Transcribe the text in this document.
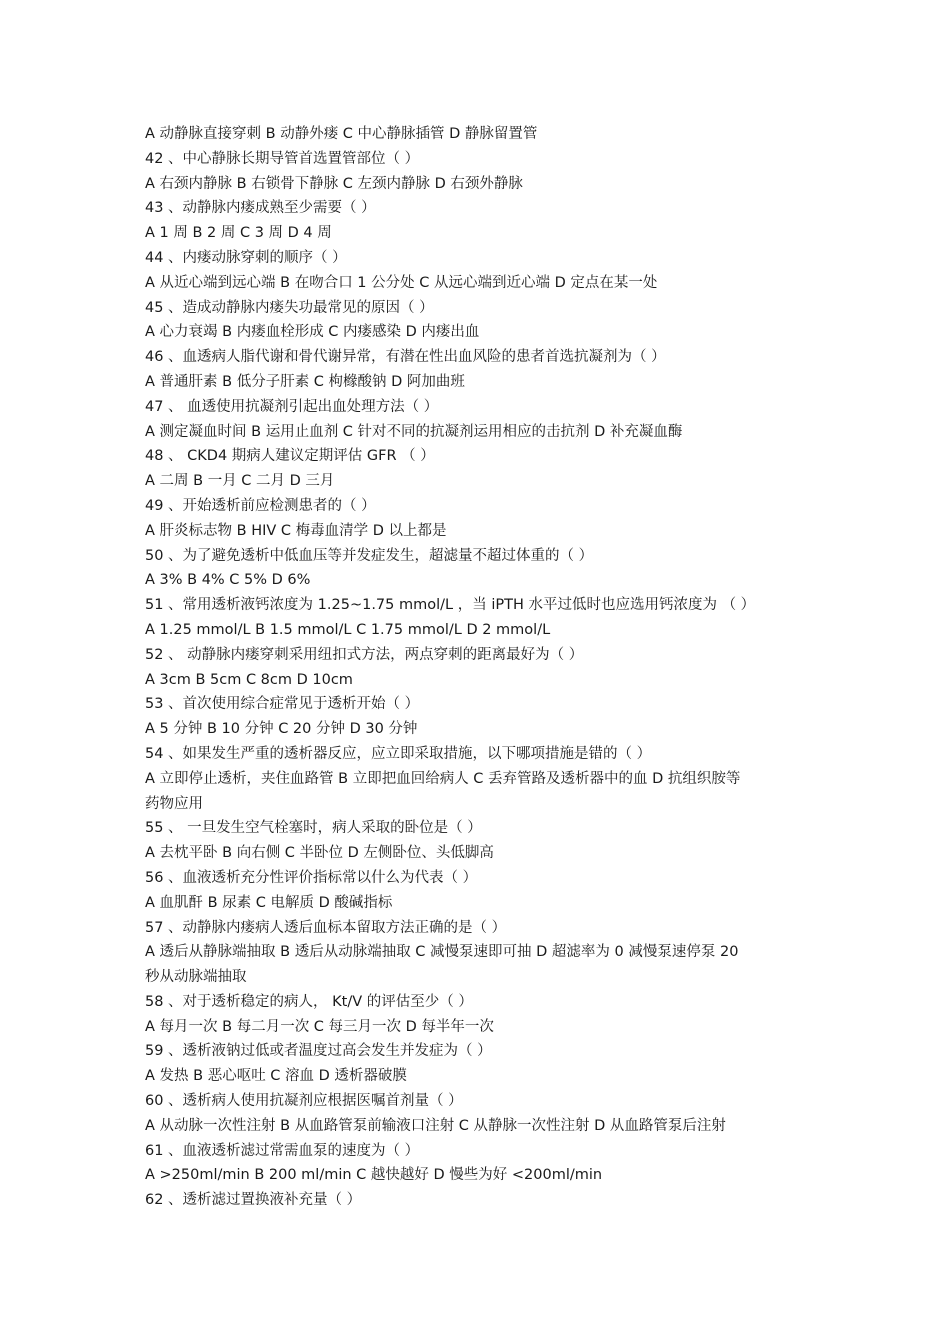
A 动静脉直接穿刺 B 动静外瘘 C 中心静脉插管 D 静脉留置管
42 、中心静脉长期导管首选置管部位（ ）
A 右颈内静脉 B 右锁骨下静脉 C 左颈内静脉 D 右颈外静脉
43 、动静脉内瘘成熟至少需要（ ）
A 1 周 B 2 周 C 3 周 D 4 周
44 、内瘘动脉穿刺的顺序（ ）
A 从近心端到远心端 B 在吻合口 1 公分处 C 从远心端到近心端 D 定点在某一处
45 、造成动静脉内瘘失功最常见的原因（ ）
A 心力衰竭 B 内瘘血栓形成 C 内瘘感染 D 内瘘出血
46 、血透病人脂代谢和骨代谢异常，有潜在性出血风险的患者首选抗凝剂为（ ）
A 普通肝素 B 低分子肝素 C 枸橼酸钠 D 阿加曲班
47 、 血透使用抗凝剂引起出血处理方法（ ）
A 测定凝血时间 B 运用止血剂 C 针对不同的抗凝剂运用相应的击抗剂 D 补充凝血酶
48 、 CKD4 期病人建议定期评估 GFR （ ）
A 二周 B 一月 C 二月 D 三月
49 、开始透析前应检测患者的（ ）
A 肝炎标志物 B HIV C 梅毒血清学 D 以上都是
50 、为了避免透析中低血压等并发症发生，超滤量不超过体重的（ ）
A 3% B 4% C 5% D 6%
51 、常用透析液钙浓度为 1.25~1.75 mmol/L ，当 iPTH 水平过低时也应选用钙浓度为 （ ）
A 1.25 mmol/L B 1.5 mmol/L C 1.75 mmol/L D 2 mmol/L
52 、 动静脉内瘘穿刺采用纽扣式方法，两点穿刺的距离最好为（ ）
A 3cm B 5cm C 8cm D 10cm
53 、首次使用综合症常见于透析开始（ ）
A 5 分钟 B 10 分钟 C 20 分钟 D 30 分钟
54 、如果发生严重的透析器反应，应立即采取措施，以下哪项措施是错的（ ）
A 立即停止透析，夹住血路管 B 立即把血回给病人 C 丢弃管路及透析器中的血 D 抗组织胺等
药物应用
55 、 一旦发生空气栓塞时，病人采取的卧位是（ ）
A 去枕平卧 B 向右侧 C 半卧位 D 左侧卧位、头低脚高
56 、血液透析充分性评价指标常以什么为代表（ ）
A 血肌酐 B 尿素 C 电解质 D 酸碱指标
57 、动静脉内瘘病人透后血标本留取方法正确的是（ ）
A 透后从静脉端抽取 B 透后从动脉端抽取 C 减慢泵速即可抽 D 超滤率为 0 减慢泵速停泵 20
秒从动脉端抽取
58 、对于透析稳定的病人， Kt/V 的评估至少（ ）
A 每月一次 B 每二月一次 C 每三月一次 D 每半年一次
59 、透析液钠过低或者温度过高会发生并发症为（ ）
A 发热 B 恶心呕吐 C 溶血 D 透析器破膜
60 、透析病人使用抗凝剂应根据医嘱首剂量（ ）
A 从动脉一次性注射 B 从血路管泵前输液口注射 C 从静脉一次性注射 D 从血路管泵后注射
61 、血液透析滤过常需血泵的速度为（ ）
A >250ml/min B 200 ml/min C 越快越好 D 慢些为好 <200ml/min
62 、透析滤过置换液补充量（ ）
